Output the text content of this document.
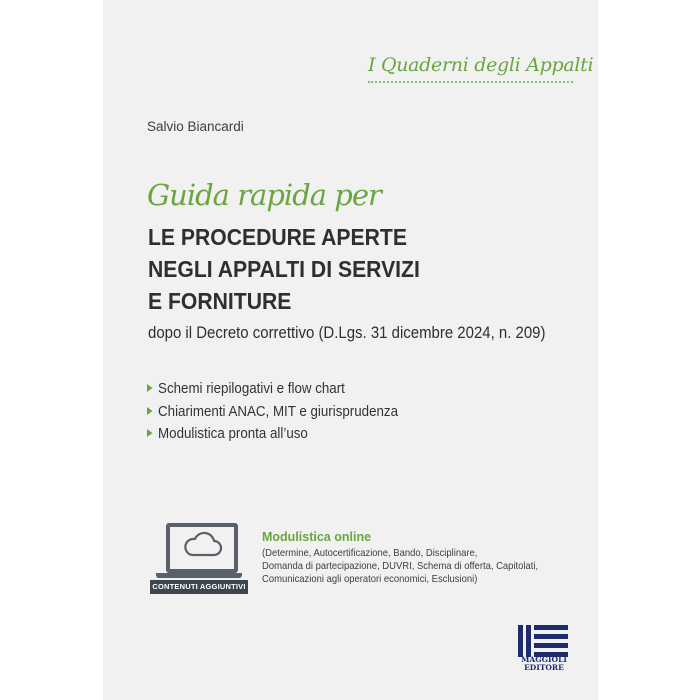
I Quaderni degli Appalti
Salvio Biancardi
Guida rapida per
LE PROCEDURE APERTE
NEGLI APPALTI DI SERVIZI
E FORNITURE
dopo il Decreto correttivo (D.Lgs. 31 dicembre 2024, n. 209)
Schemi riepilogativi e flow chart
Chiarimenti ANAC, MIT e giurisprudenza
Modulistica pronta all’uso
CONTENUTI AGGIUNTIVI
Modulistica online
(Determine, Autocertificazione, Bando, Disciplinare,
Domanda di partecipazione, DUVRI, Schema di offerta, Capitolati,
Comunicazioni agli operatori economici, Esclusioni)
MAGGIOLI
EDITORE
